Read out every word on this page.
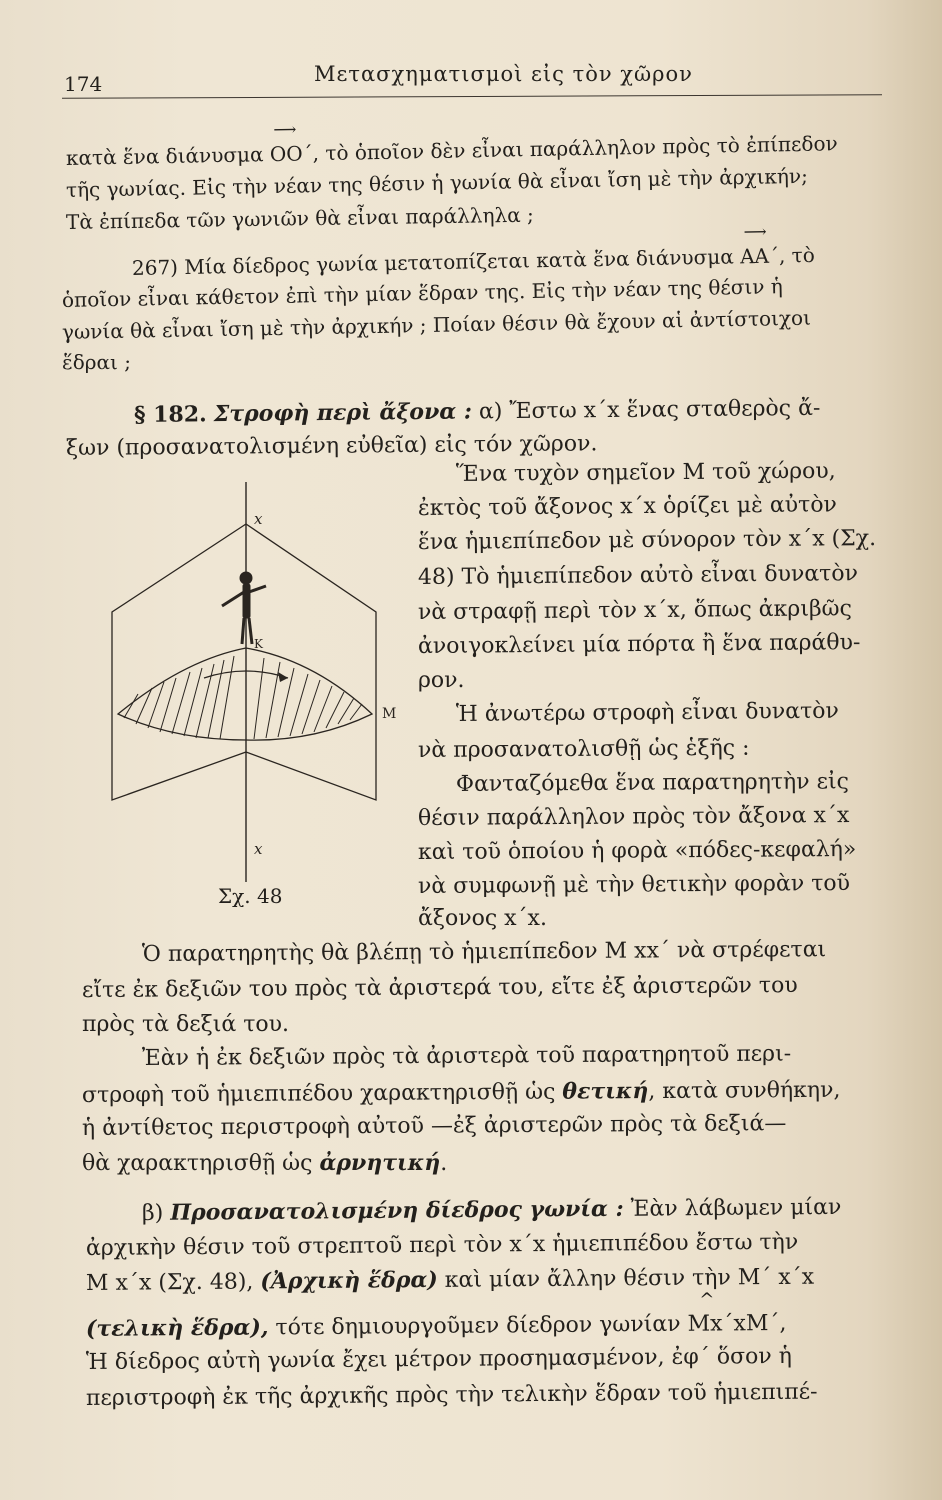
174	Μετασχηματισμοὶ εἰς τὸν χῶρον
κατὰ ἕνα διάνυσμα ΟΟ΄ ⟶, τὸ ὁποῖον δὲν εἶναι παράλληλον πρὸς τὸ ἐπίπεδον
τῆς γωνίας. Εἰς τὴν νέαν της θέσιν ἡ γωνία θὰ εἶναι ἴση μὲ τὴν ἀρχικήν;
Τὰ ἐπίπεδα τῶν γωνιῶν θὰ εἶναι παράλληλα ;
267) Μία δίεδρος γωνία μετατοπίζεται κατὰ ἕνα διάνυσμα ΑΑ΄ ⟶, τὸ
ὁποῖον εἶναι κάθετον ἐπὶ τὴν μίαν ἕδραν της. Εἰς τὴν νέαν της θέσιν ἡ
γωνία θὰ εἶναι ἴση μὲ τὴν ἀρχικήν ; Ποίαν θέσιν θὰ ἔχουν αἱ ἀντίστοιχοι
ἕδραι ;
§ 182. Στροφὴ περὶ ἄξονα : α) Ἔστω x΄x ἕνας σταθερὸς ἄ-
ξων (προσανατολισμένη εὐθεῖα) εἰς τόν χῶρον.
Ἕνα τυχὸν σημεῖον Μ τοῦ χώρου,
ἐκτὸς τοῦ ἄξονος x΄x ὁρίζει μὲ αὐτὸν
ἕνα ἡμιεπίπεδον μὲ σύνορον τὸν x΄x (Σχ.
48) Τὸ ἡμιεπίπεδον αὐτὸ εἶναι δυνατὸν
νὰ στραφῇ περὶ τὸν x΄x, ὅπως ἀκριβῶς
ἀνοιγοκλείνει μία πόρτα ἢ ἕνα παράθυ-
ρον.
Ἡ ἀνωτέρω στροφὴ εἶναι δυνατὸν
νὰ προσανατολισθῇ ὡς ἑξῆς :
Φανταζόμεθα ἕνα παρατηρητὴν εἰς
θέσιν παράλληλον πρὸς τὸν ἄξονα x΄x
καὶ τοῦ ὁποίου ἡ φορὰ «πόδες-κεφαλή»
νὰ συμφωνῇ μὲ τὴν θετικὴν φορὰν τοῦ
ἄξονος x΄x.
x
K
M
x
Σχ. 48
Ὁ παρατηρητὴς θὰ βλέπῃ τὸ ἡμιεπίπεδον Μ xx΄ νὰ στρέφεται
εἴτε ἐκ δεξιῶν του πρὸς τὰ ἀριστερά του, εἴτε ἐξ ἀριστερῶν του
πρὸς τὰ δεξιά του.
Ἐὰν ἡ ἐκ δεξιῶν πρὸς τὰ ἀριστερὰ τοῦ παρατηρητοῦ περι-
στροφὴ τοῦ ἡμιεπιπέδου χαρακτηρισθῇ ὡς θετική, κατὰ συνθήκην,
ἡ ἀντίθετος περιστροφὴ αὐτοῦ —ἐξ ἀριστερῶν πρὸς τὰ δεξιά—
θὰ χαρακτηρισθῇ ὡς ἀρνητική.
β) Προσανατολισμένη δίεδρος γωνία : Ἐὰν λάβωμεν μίαν
ἀρχικὴν θέσιν τοῦ στρεπτοῦ περὶ τὸν x΄x ἡμιεπιπέδου ἔστω τὴν
Μ x΄x (Σχ. 48), (Ἀρχικὴ ἕδρα) καὶ μίαν ἄλλην θέσιν τὴν Μ΄ x΄x
(τελικὴ ἕδρα), τότε δημιουργοῦμεν δίεδρον γωνίαν Μx΄xΜ΄ ^,
Ἡ δίεδρος αὐτὴ γωνία ἔχει μέτρον προσημασμένον, ἐφ΄ ὅσον ἡ
περιστροφὴ ἐκ τῆς ἀρχικῆς πρὸς τὴν τελικὴν ἕδραν τοῦ ἡμιεπιπέ-
